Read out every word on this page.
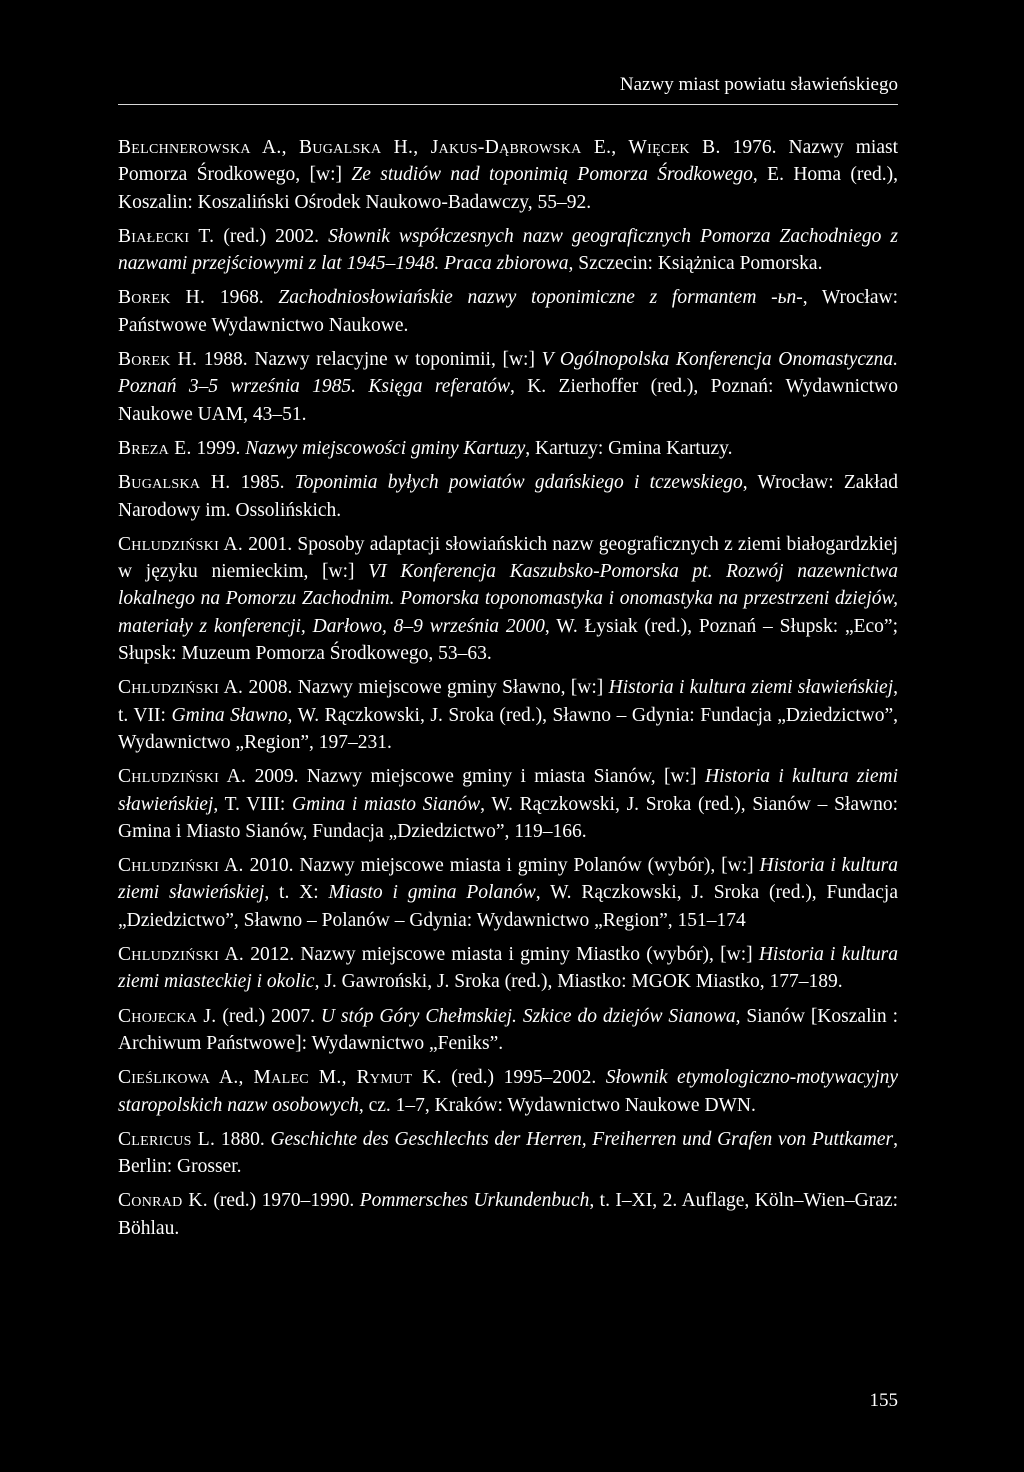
Nazwy miast powiatu sławieńskiego

Belchnerowska A., Bugalska H., Jakus-Dąbrowska E., Więcek B. 1976. Nazwy miast Pomorza Środkowego, [w:] Ze studiów nad toponimią Pomorza Środkowego, E. Homa (red.), Koszalin: Koszaliński Ośrodek Naukowo-Badawczy, 55–92.

Białecki T. (red.) 2002. Słownik współczesnych nazw geograficznych Pomorza Zachodniego z nazwami przejściowymi z lat 1945–1948. Praca zbiorowa, Szczecin: Książnica Pomorska.

Borek H. 1968. Zachodniosłowiańskie nazwy toponimiczne z formantem -ьn-, Wrocław: Państwowe Wydawnictwo Naukowe.

Borek H. 1988. Nazwy relacyjne w toponimii, [w:] V Ogólnopolska Konferencja Onomastyczna. Poznań 3–5 września 1985. Księga referatów, K. Zierhoffer (red.), Poznań: Wydawnictwo Naukowe UAM, 43–51.

Breza E. 1999. Nazwy miejscowości gminy Kartuzy, Kartuzy: Gmina Kartuzy.

Bugalska H. 1985. Toponimia byłych powiatów gdańskiego i tczewskiego, Wrocław: Zakład Narodowy im. Ossolińskich.

Chludziński A. 2001. Sposoby adaptacji słowiańskich nazw geograficznych z ziemi białogardzkiej w języku niemieckim, [w:] VI Konferencja Kaszubsko-Pomorska pt. Rozwój nazewnictwa lokalnego na Pomorzu Zachodnim. Pomorska toponomastyka i onomastyka na przestrzeni dziejów, materiały z konferencji, Darłowo, 8–9 września 2000, W. Łysiak (red.), Poznań – Słupsk: „Eco”; Słupsk: Muzeum Pomorza Środkowego, 53–63.

Chludziński A. 2008. Nazwy miejscowe gminy Sławno, [w:] Historia i kultura ziemi sławieńskiej, t. VII: Gmina Sławno, W. Rączkowski, J. Sroka (red.), Sławno – Gdynia: Fundacja „Dziedzictwo”, Wydawnictwo „Region”, 197–231.

Chludziński A. 2009. Nazwy miejscowe gminy i miasta Sianów, [w:] Historia i kultura ziemi sławieńskiej, T. VIII: Gmina i miasto Sianów, W. Rączkowski, J. Sroka (red.), Sianów – Sławno: Gmina i Miasto Sianów, Fundacja „Dziedzictwo”, 119–166.

Chludziński A. 2010. Nazwy miejscowe miasta i gminy Polanów (wybór), [w:] Historia i kultura ziemi sławieńskiej, t. X: Miasto i gmina Polanów, W. Rączkowski, J. Sroka (red.), Fundacja „Dziedzictwo”, Sławno – Polanów – Gdynia: Wydawnictwo „Region”, 151–174

Chludziński A. 2012. Nazwy miejscowe miasta i gminy Miastko (wybór), [w:] Historia i kultura ziemi miasteckiej i okolic, J. Gawroński, J. Sroka (red.), Miastko: MGOK Miastko, 177–189.

Chojecka J. (red.) 2007. U stóp Góry Chełmskiej. Szkice do dziejów Sianowa, Sianów [Koszalin : Archiwum Państwowe]: Wydawnictwo „Feniks”.

Cieślikowa A., Malec M., Rymut K. (red.) 1995–2002. Słownik etymologiczno-motywacyjny staropolskich nazw osobowych, cz. 1–7, Kraków: Wydawnictwo Naukowe DWN.

Clericus L. 1880. Geschichte des Geschlechts der Herren, Freiherren und Grafen von Puttkamer, Berlin: Grosser.

Conrad K. (red.) 1970–1990. Pommersches Urkundenbuch, t. I–XI, 2. Auflage, Köln–Wien–Graz: Böhlau.

155
